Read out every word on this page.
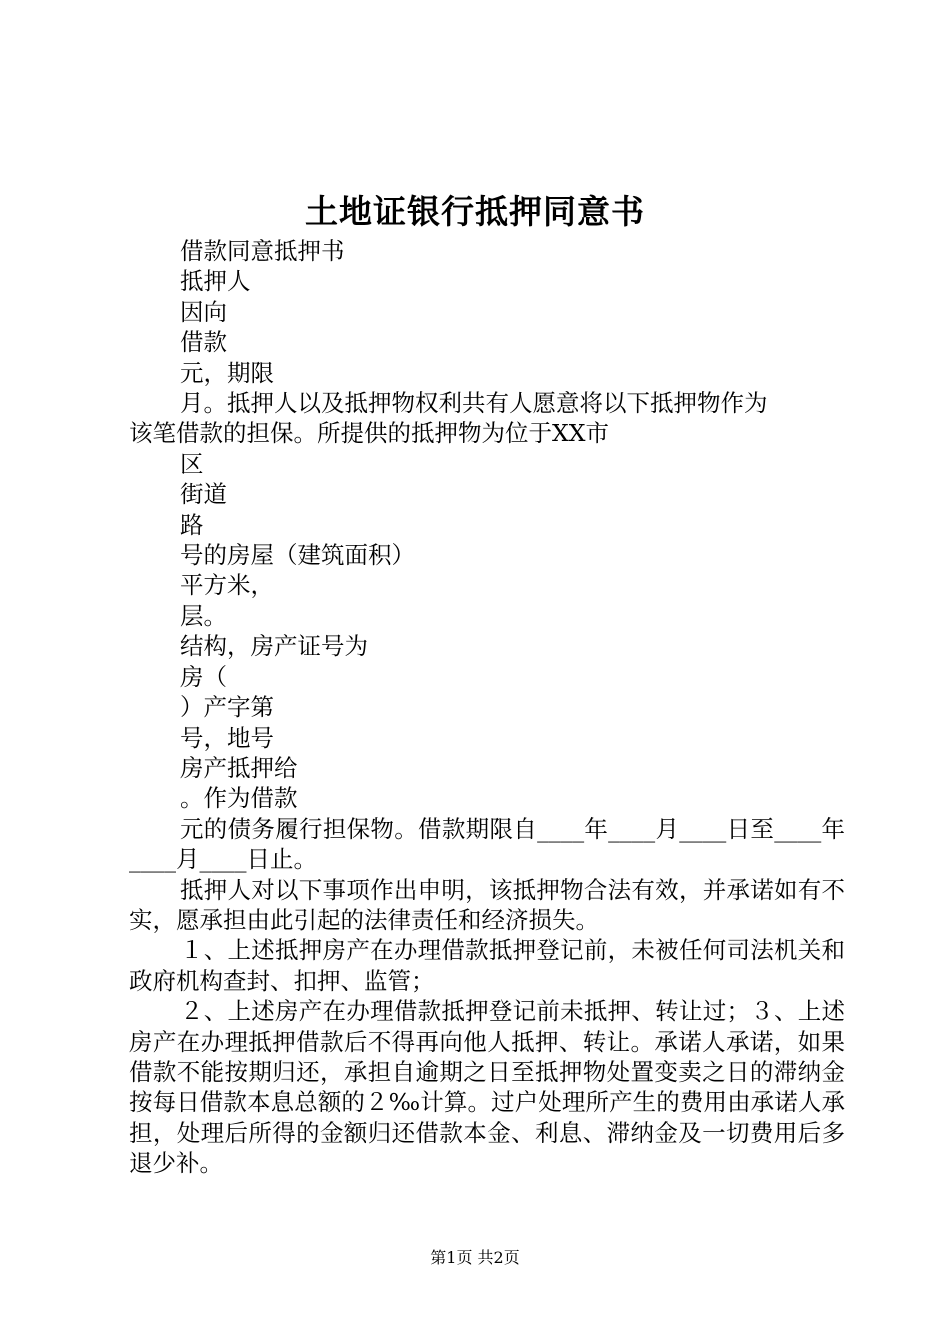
土地证银行抵押同意书
借款同意抵押书
抵押人
因向
借款
元，期限
月。抵押人以及抵押物权利共有人愿意将以下抵押物作为
该笔借款的担保。所提供的抵押物为位于XX市
区
街道
路
号的房屋（建筑面积）
平方米，
层。
结构，房产证号为
房（
）产字第
号，地号
房产抵押给
。作为借款
元的债务履行担保物。借款期限自____年____月____日至____年____月____日止。
抵押人对以下事项作出申明，该抵押物合法有效，并承诺如有不实，愿承担由此引起的法律责任和经济损失。
１、上述抵押房产在办理借款抵押登记前，未被任何司法机关和政府机构查封、扣押、监管；
２、上述房产在办理借款抵押登记前未抵押、转让过；３、上述房产在办理抵押借款后不得再向他人抵押、转让。承诺人承诺，如果借款不能按期归还，承担自逾期之日至抵押物处置变卖之日的滞纳金按每日借款本息总额的２‰计算。过户处理所产生的费用由承诺人承担，处理后所得的金额归还借款本金、利息、滞纳金及一切费用后多退少补。
第1页 共2页
